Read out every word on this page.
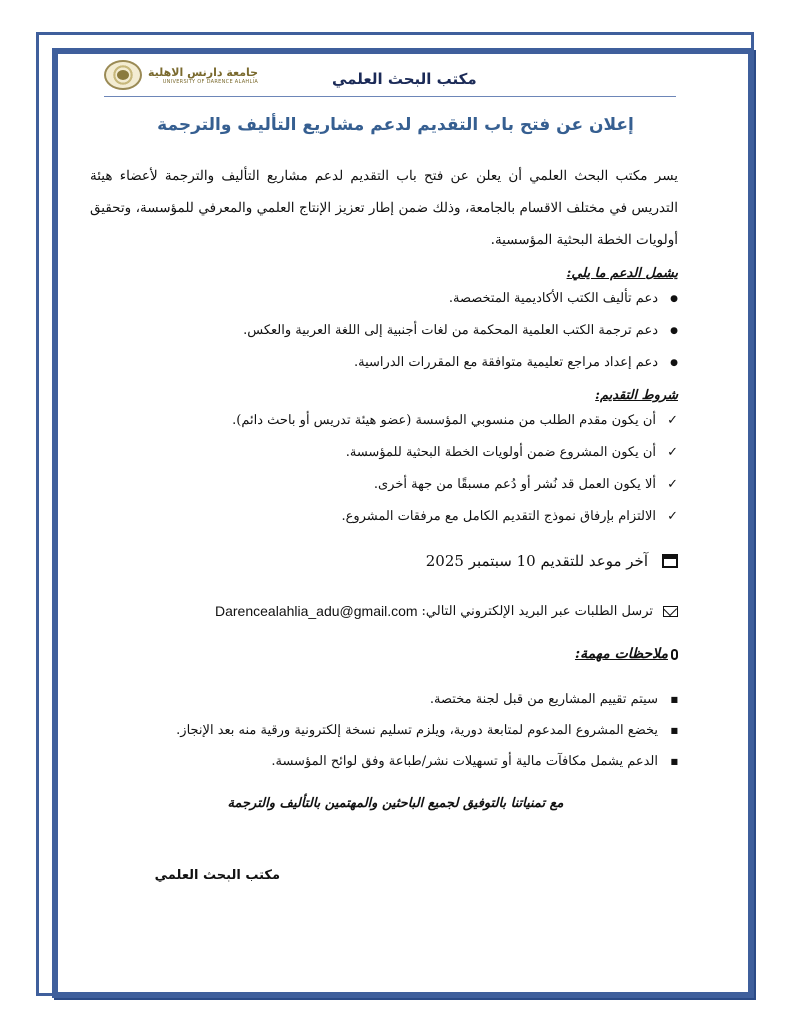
جامعة دارنس الاهلية
UNIVERSITY OF DARENCE ALAHLIA	مكتب البحث العلمي
إعلان عن فتح باب التقديم لدعم مشاريع التأليف والترجمة
يسر مكتب البحث العلمي أن يعلن عن فتح باب التقديم لدعم مشاريع التأليف والترجمة لأعضاء هيئة التدريس في مختلف الاقسام بالجامعة، وذلك ضمن إطار تعزيز الإنتاج العلمي والمعرفي للمؤسسة، وتحقيق أولويات الخطة البحثية المؤسسية.
يشمل الدعم ما يلي:
● دعم تأليف الكتب الأكاديمية المتخصصة.
● دعم ترجمة الكتب العلمية المحكمة من لغات أجنبية إلى اللغة العربية والعكس.
● دعم إعداد مراجع تعليمية متوافقة مع المقررات الدراسية.
شروط التقديم:
✓ أن يكون مقدم الطلب من منسوبي المؤسسة (عضو هيئة تدريس أو باحث دائم).
✓ أن يكون المشروع ضمن أولويات الخطة البحثية للمؤسسة.
✓ ألا يكون العمل قد نُشر أو دُعم مسبقًا من جهة أخرى.
✓ الالتزام بإرفاق نموذج التقديم الكامل مع مرفقات المشروع.
آخر موعد للتقديم 10 سبتمبر 2025
ترسل الطلبات عبر البريد الإلكتروني التالي:
Darencealahlia_adu@gmail.com
ملاحظات مهمة:
■ سيتم تقييم المشاريع من قبل لجنة مختصة.
■ يخضع المشروع المدعوم لمتابعة دورية، ويلزم تسليم نسخة إلكترونية ورقية منه بعد الإنجاز.
■ الدعم يشمل مكافآت مالية أو تسهيلات نشر/طباعة وفق لوائح المؤسسة.
مع تمنياتنا بالتوفيق لجميع الباحثين والمهتمين بالتأليف والترجمة
مكتب البحث العلمي
